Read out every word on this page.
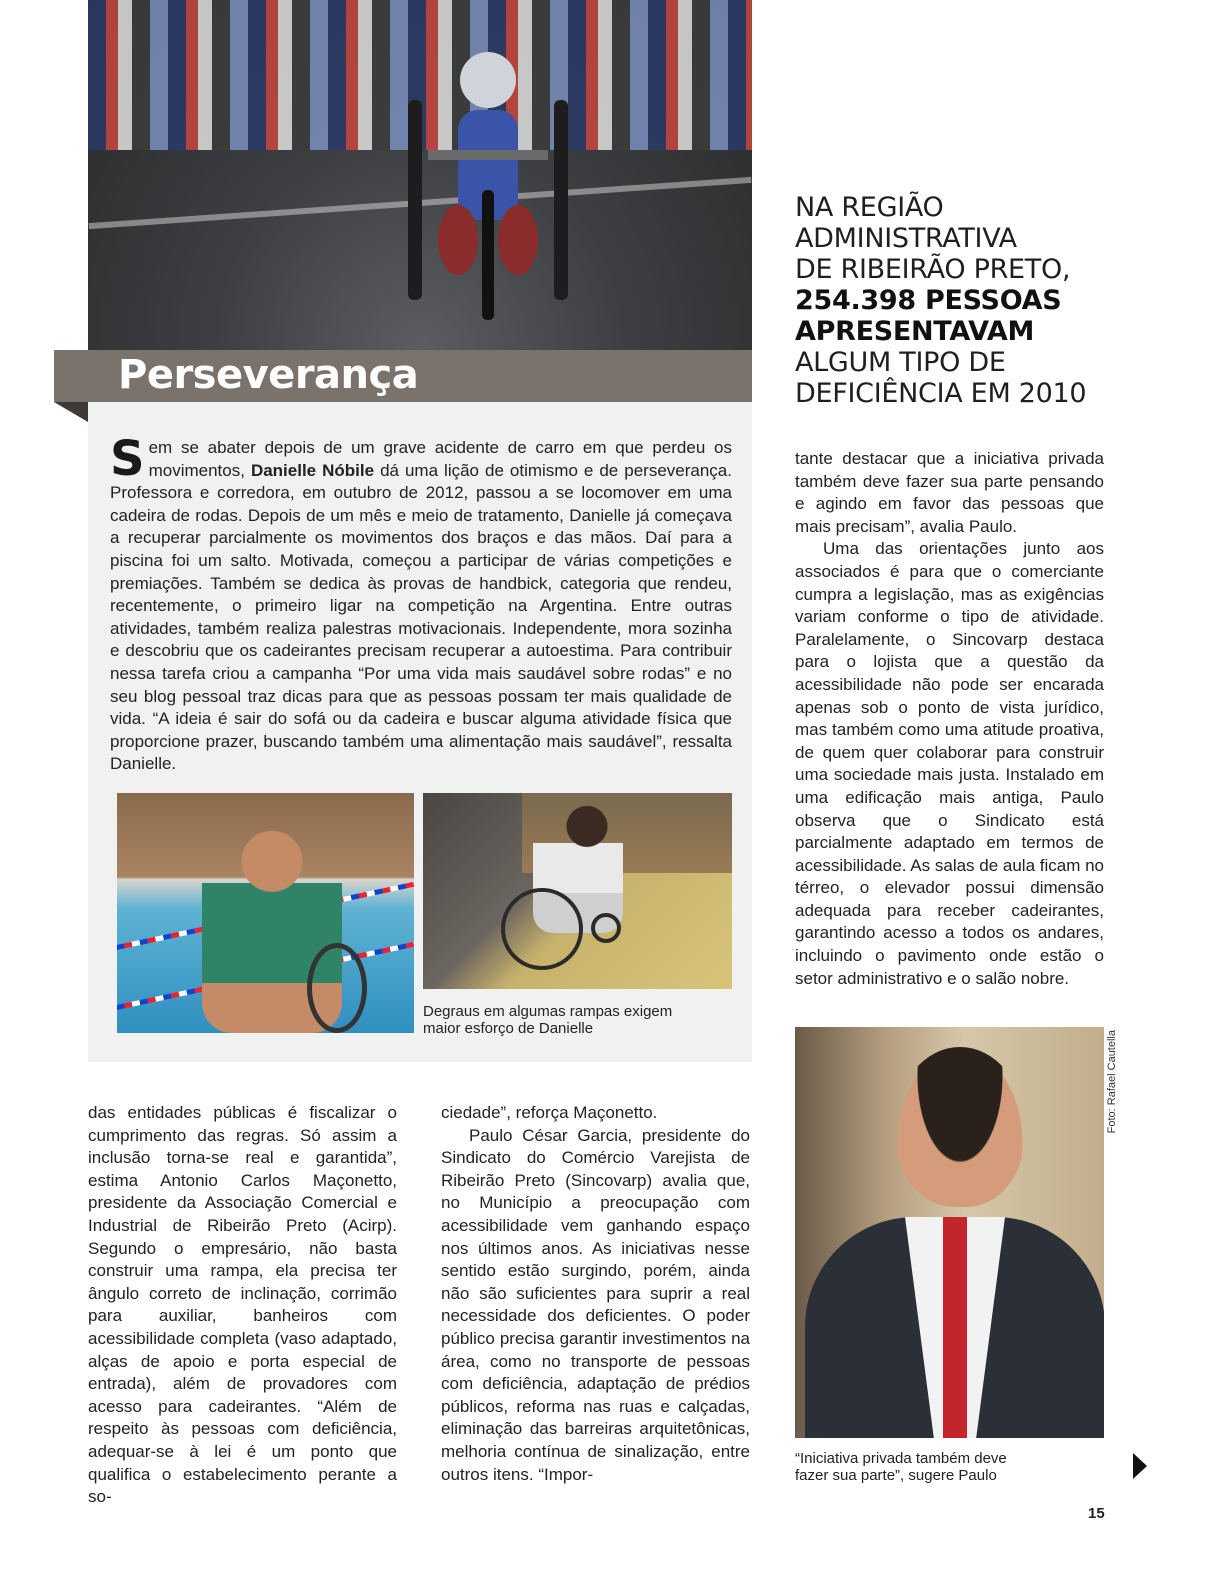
Perseverança
Sem se abater depois de um grave acidente de carro em que perdeu os movimentos, Danielle Nóbile dá uma lição de otimismo e de perseverança. Professora e corredora, em outubro de 2012, passou a se locomover em uma cadeira de rodas. Depois de um mês e meio de tratamento, Danielle já começava a recuperar parcialmente os movimentos dos braços e das mãos. Daí para a piscina foi um salto. Motivada, começou a participar de várias competições e premiações. Também se dedica às provas de handbick, categoria que rendeu, recentemente, o primeiro ligar na competição na Argentina. Entre outras atividades, também realiza palestras motivacionais. Independente, mora sozinha e descobriu que os cadeirantes precisam recuperar a autoestima. Para contribuir nessa tarefa criou a campanha “Por uma vida mais saudável sobre rodas” e no seu blog pessoal traz dicas para que as pessoas possam ter mais qualidade de vida. “A ideia é sair do sofá ou da cadeira e buscar alguma atividade física que proporcione prazer, buscando também uma alimentação mais saudável”, ressalta Danielle.
Degraus em algumas rampas exigem maior esforço de Danielle
NA REGIÃO
ADMINISTRATIVA
DE RIBEIRÃO PRETO,
254.398 PESSOAS
APRESENTAVAM
ALGUM TIPO DE
DEFICIÊNCIA EM 2010

tante destacar que a iniciativa privada também deve fazer sua parte pensando e agindo em favor das pessoas que mais precisam”, avalia Paulo.

Uma das orientações junto aos associados é para que o comerciante cumpra a legislação, mas as exigências variam conforme o tipo de atividade. Paralelamente, o Sincovarp destaca para o lojista que a questão da acessibilidade não pode ser encarada apenas sob o ponto de vista jurídico, mas também como uma atitude proativa, de quem quer colaborar para construir uma sociedade mais justa. Instalado em uma edificação mais antiga, Paulo observa que o Sindicato está parcialmente adaptado em termos de acessibilidade. As salas de aula ficam no térreo, o elevador possui dimensão adequada para receber cadeirantes, garantindo acesso a todos os andares, incluindo o pavimento onde estão o setor administrativo e o salão nobre.

Foto: Rafael Cautella
“Iniciativa privada também deve fazer sua parte”, sugere Paulo

das entidades públicas é fiscalizar o cumprimento das regras. Só assim a inclusão torna-se real e garantida”, estima Antonio Carlos Maçonetto, presidente da Associação Comercial e Industrial de Ribeirão Preto (Acirp). Segundo o empresário, não basta construir uma rampa, ela precisa ter ângulo correto de inclinação, corrimão para auxiliar, banheiros com acessibilidade completa (vaso adaptado, alças de apoio e porta especial de entrada), além de provadores com acesso para cadeirantes. “Além de respeito às pessoas com deficiência, adequar-se à lei é um ponto que qualifica o estabelecimento perante a so-

ciedade”, reforça Maçonetto.

Paulo César Garcia, presidente do Sindicato do Comércio Varejista de Ribeirão Preto (Sincovarp) avalia que, no Município a preocupação com acessibilidade vem ganhando espaço nos últimos anos. As iniciativas nesse sentido estão surgindo, porém, ainda não são suficientes para suprir a real necessidade dos deficientes. O poder público precisa garantir investimentos na área, como no transporte de pessoas com deficiência, adaptação de prédios públicos, reforma nas ruas e calçadas, eliminação das barreiras arquitetônicas, melhoria contínua de sinalização, entre outros itens. “Impor-

15
